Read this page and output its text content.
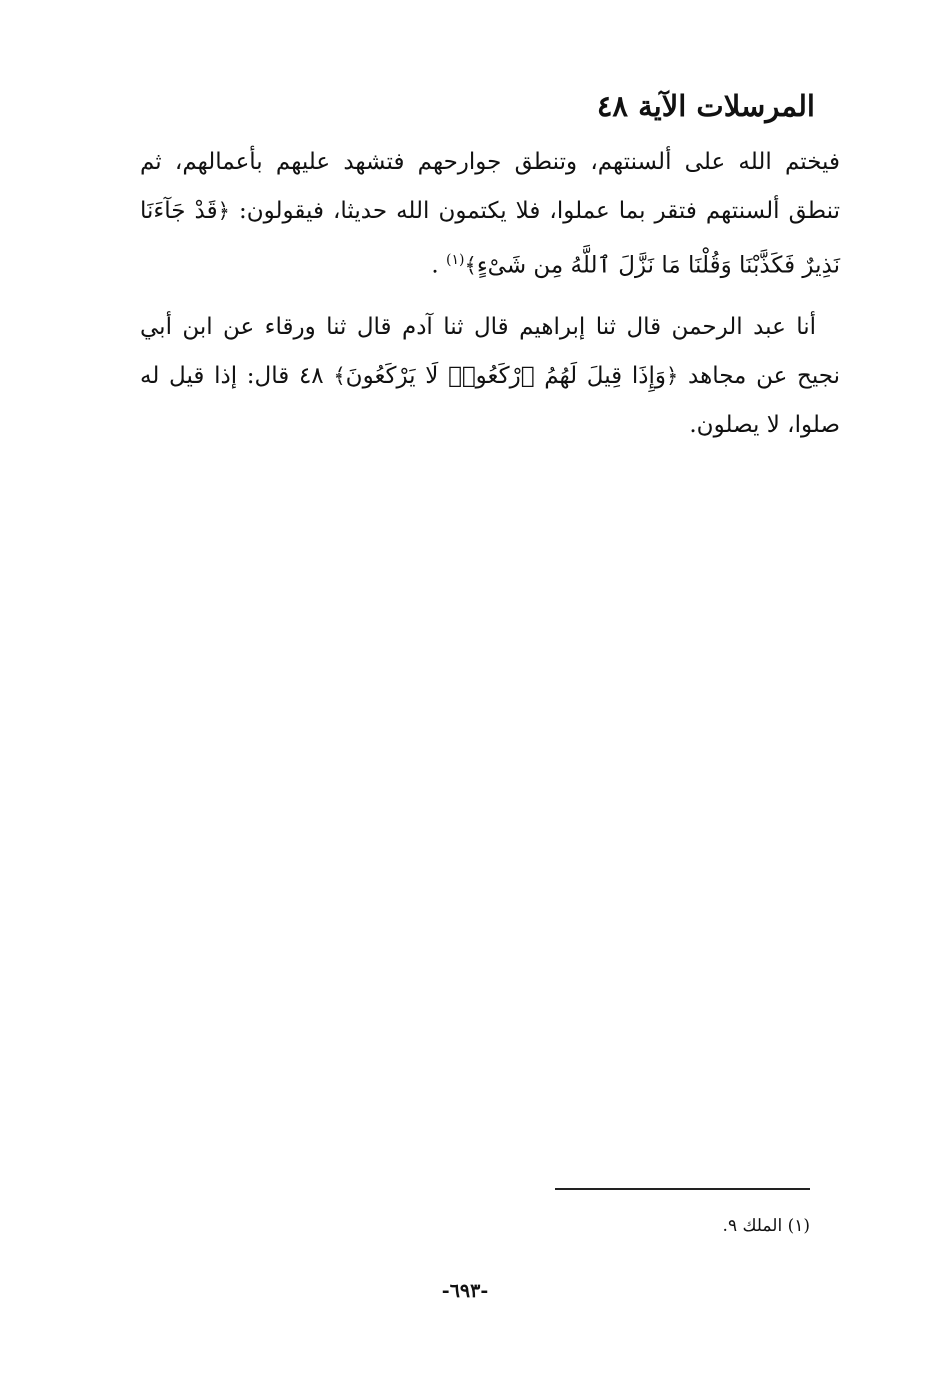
المرسلات الآية ٤٨

فيختم الله على ألسنتهم، وتنطق جوارحهم فتشهد عليهم بأعمالهم، ثم تنطق ألسنتهم فتقر بما عملوا، فلا يكتمون الله حديثا، فيقولون: ﴿قَدْ جَآءَنَا نَذِيرٌ فَكَذَّبْنَا وَقُلْنَا مَا نَزَّلَ ٱللَّهُ مِن شَىْءٍ﴾$^{(١)}$ .

أنا عبد الرحمن قال ثنا إبراهيم قال ثنا آدم قال ثنا ورقاء عن ابن أبي نجيح عن مجاهد ﴿وَإِذَا قِيلَ لَهُمُ ٱرْكَعُوا۟ لَا يَرْكَعُونَ﴾ ٤٨ قال: إذا قيل له صلوا، لا يصلون.

(١) الملك ٩.
-٦٩٣-
